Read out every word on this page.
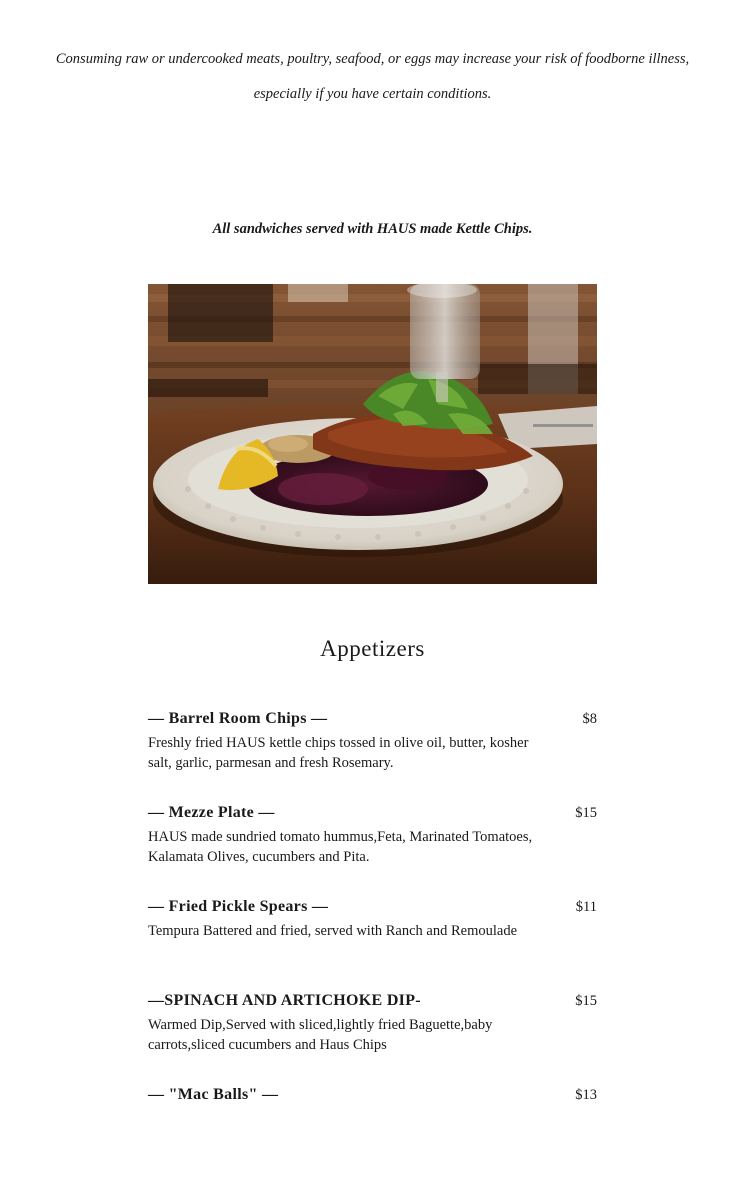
Consuming raw or undercooked meats, poultry, seafood, or eggs may increase your risk of foodborne illness,

especially if you have certain conditions.

All sandwiches served with HAUS made Kettle Chips.
Appetizers
— Barrel Room Chips —	$8
Freshly fried HAUS kettle chips tossed in olive oil, butter, kosher salt, garlic, parmesan and fresh Rosemary.
— Mezze Plate —	$15
HAUS made sundried tomato hummus,Feta, Marinated Tomatoes, Kalamata Olives, cucumbers and Pita.
— Fried Pickle Spears —	$11
Tempura Battered and fried, served with Ranch and Remoulade
—SPINACH AND ARTICHOKE DIP-	$15
Warmed Dip,Served with sliced,lightly fried Baguette,baby carrots,sliced cucumbers and Haus Chips
— "Mac Balls" —	$13
